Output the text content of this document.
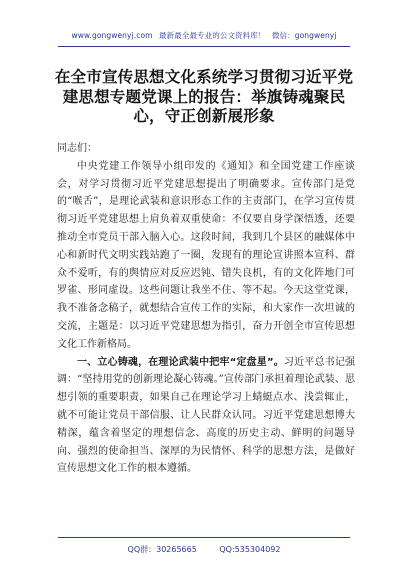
www.gongwenyj.com 最新最全最专业的公文资料库！ 微信：gongwenyj
在全市宣传思想文化系统学习贯彻习近平党建思想专题党课上的报告：举旗铸魂聚民心，守正创新展形象

同志们：

中央党建工作领导小组印发的《通知》和全国党建工作座谈会，对学习贯彻习近平党建思想提出了明确要求。宣传部门是党的“喉舌”，是理论武装和意识形态工作的主责部门，在学习宣传贯彻习近平党建思想上肩负着双重使命：不仅要自身学深悟透，还要推动全市党员干部入脑入心。这段时间，我到几个县区的融媒体中心和新时代文明实践站跑了一圈，发现有的理论宣讲照本宣科、群众不爱听，有的舆情应对反应迟钝、错失良机，有的文化阵地门可罗雀、形同虚设。这些问题让我坐不住、等不起。今天这堂党课，我不准备念稿子，就想结合宣传工作的实际，和大家作一次坦诚的交流，主题是：以习近平党建思想为指引，奋力开创全市宣传思想文化工作新格局。

一、立心铸魂，在理论武装中把牢“定盘星”。习近平总书记强调：“坚持用党的创新理论凝心铸魂。”宣传部门承担着理论武装、思想引领的重要职责，如果自己在理论学习上蜻蜓点水、浅尝辄止，就不可能让党员干部信服、让人民群众认同。习近平党建思想博大精深，蕴含着坚定的理想信念、高度的历史主动、鲜明的问题导向、强烈的使命担当、深厚的为民情怀、科学的思想方法，是做好宣传思想文化工作的根本遵循。

QQ群：30265665	QQ:535304092
